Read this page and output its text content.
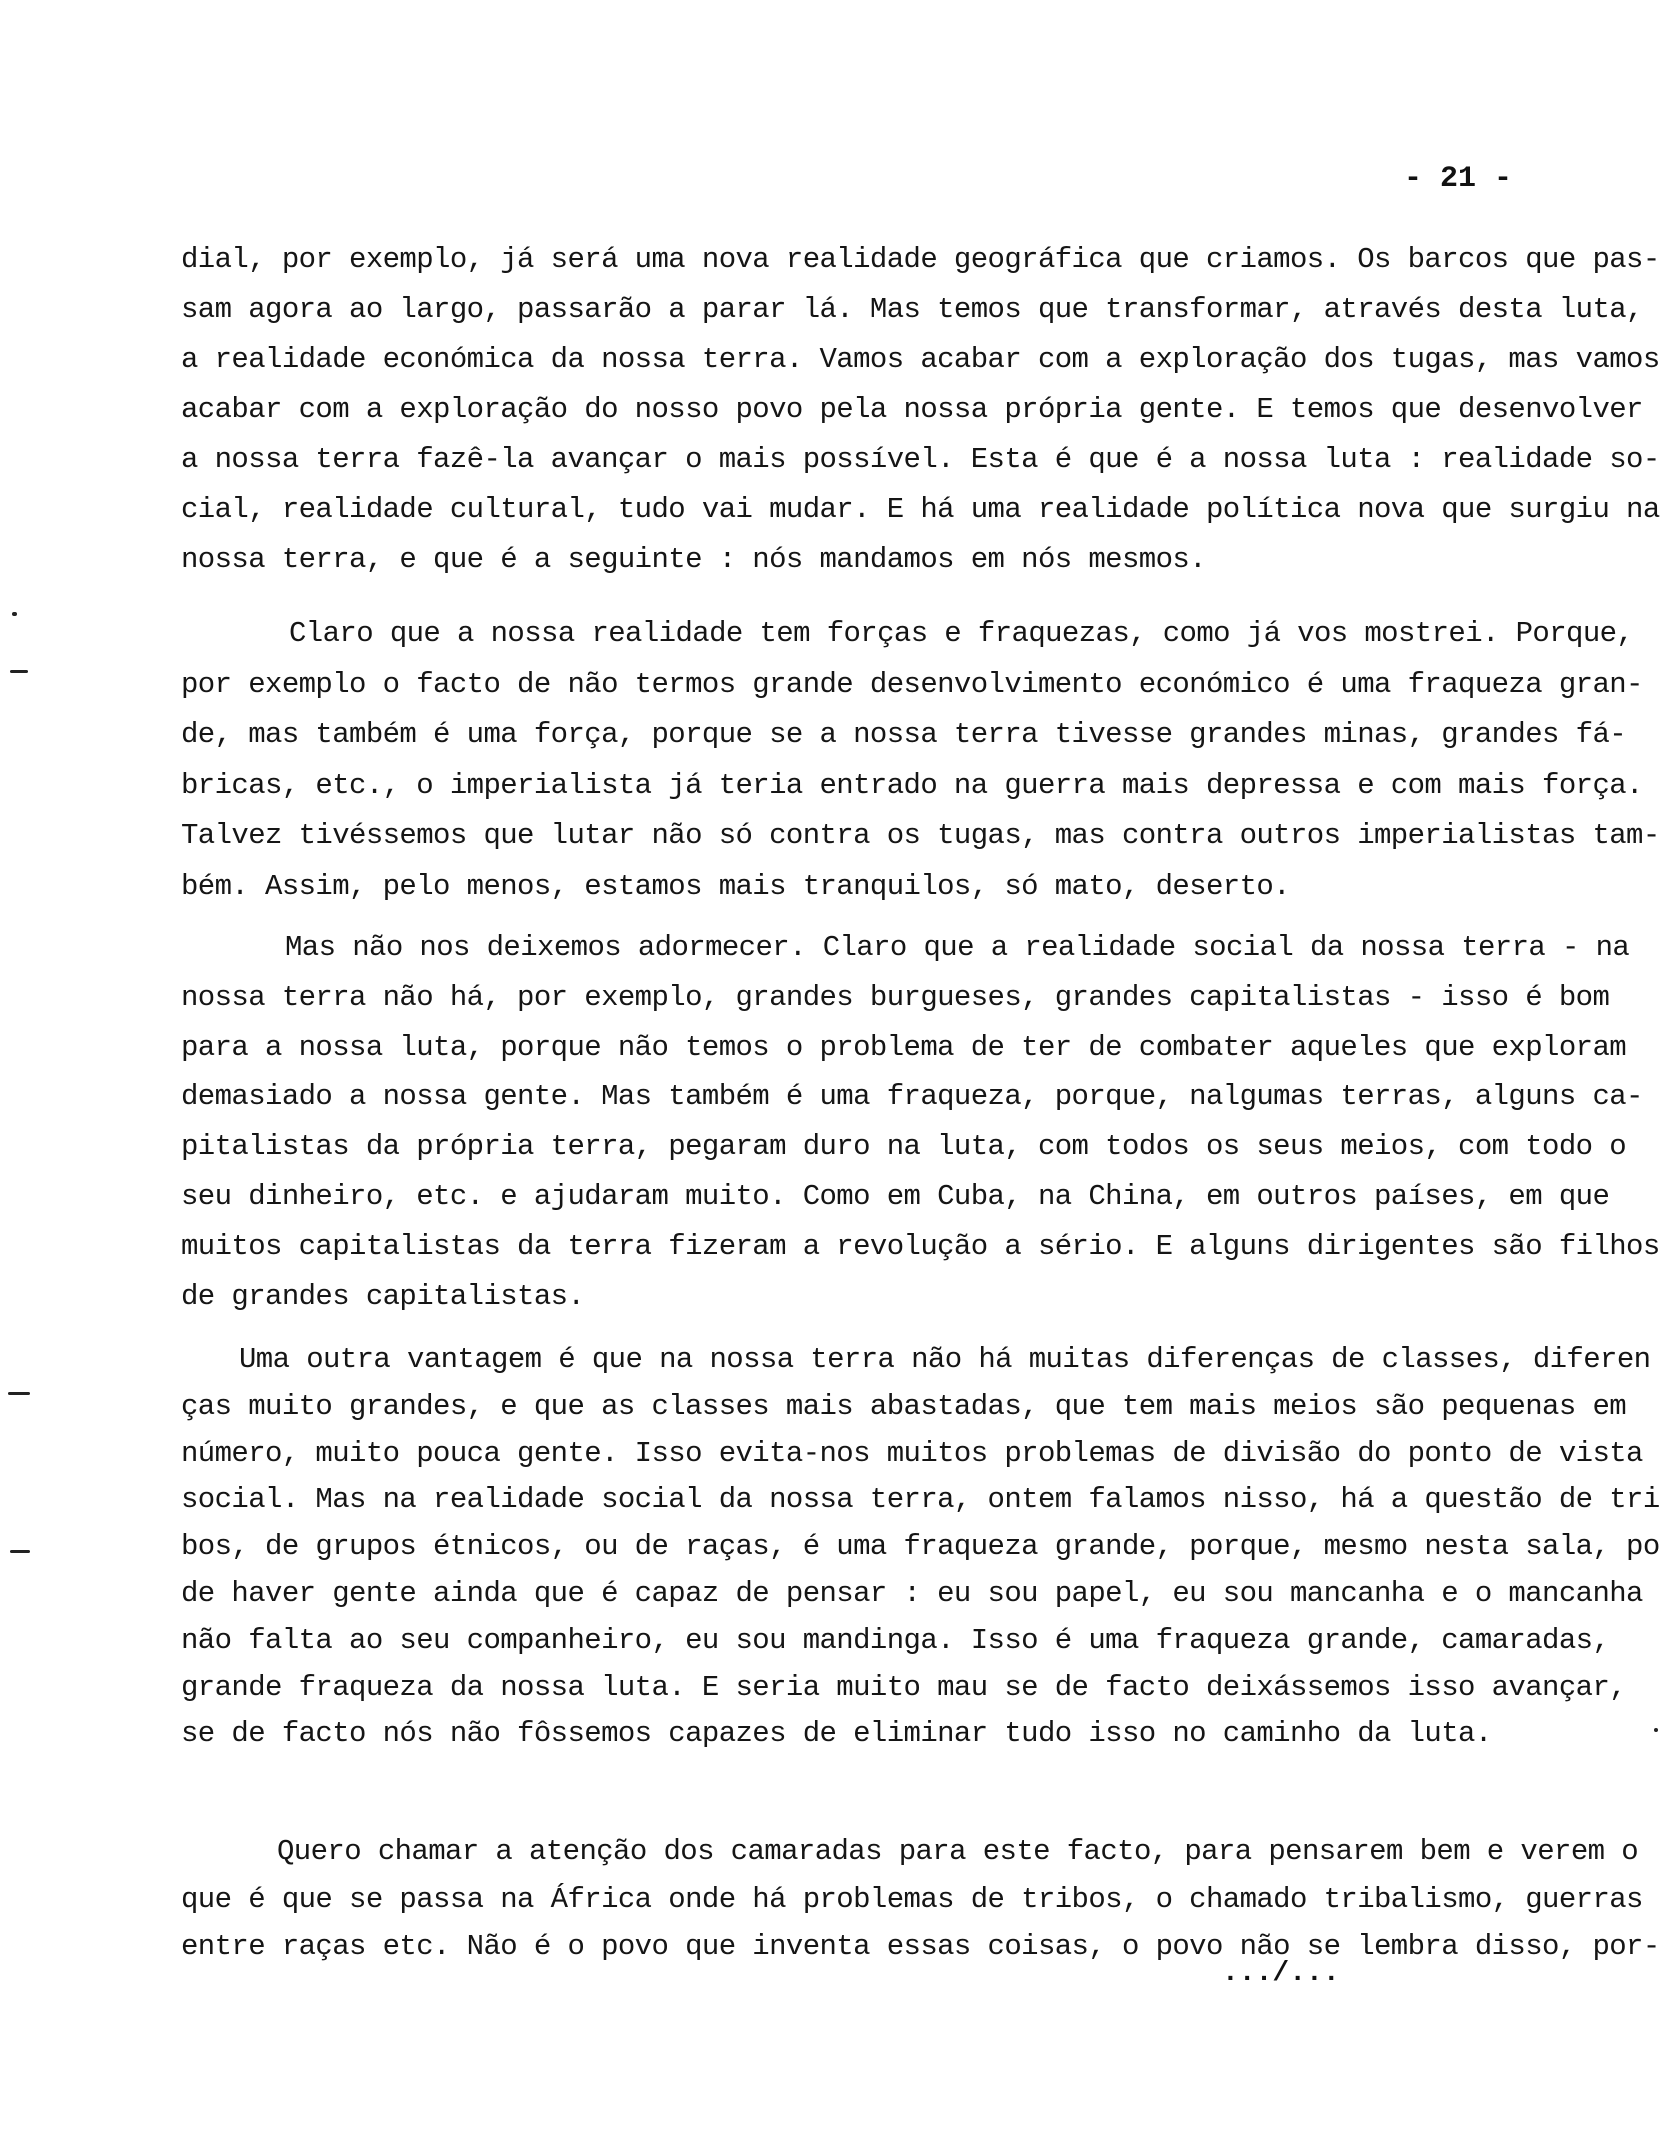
- 21 -
dial, por exemplo, já será uma nova realidade geográfica que criamos. Os barcos que pas-
sam agora ao largo, passarão a parar lá. Mas temos que transformar, através desta luta,
a realidade económica da nossa terra. Vamos acabar com a exploração dos tugas, mas vamos
acabar com a exploração do nosso povo pela nossa própria gente. E temos que desenvolver
a nossa terra fazê-la avançar o mais possível. Esta é que é a nossa luta : realidade so-
cial, realidade cultural, tudo vai mudar. E há uma realidade política nova que surgiu na
nossa terra, e que é a seguinte : nós mandamos em nós mesmos.
Claro que a nossa realidade tem forças e fraquezas, como já vos mostrei. Porque,
por exemplo o facto de não termos grande desenvolvimento económico é uma fraqueza gran-
de, mas também é uma força, porque se a nossa terra tivesse grandes minas, grandes fá-
bricas, etc., o imperialista já teria entrado na guerra mais depressa e com mais força.
Talvez tivéssemos que lutar não só contra os tugas, mas contra outros imperialistas tam-
bém. Assim, pelo menos, estamos mais tranquilos, só mato, deserto.
Mas não nos deixemos adormecer. Claro que a realidade social da nossa terra - na
nossa terra não há, por exemplo, grandes burgueses, grandes capitalistas - isso é bom
para a nossa luta, porque não temos o problema de ter de combater aqueles que exploram
demasiado a nossa gente. Mas também é uma fraqueza, porque, nalgumas terras, alguns ca-
pitalistas da própria terra, pegaram duro na luta, com todos os seus meios, com todo o
seu dinheiro, etc. e ajudaram muito. Como em Cuba, na China, em outros países, em que
muitos capitalistas da terra fizeram a revolução a sério. E alguns dirigentes são filhos
de grandes capitalistas.
Uma outra vantagem é que na nossa terra não há muitas diferenças de classes, diferen
ças muito grandes, e que as classes mais abastadas, que tem mais meios são pequenas em
número, muito pouca gente. Isso evita-nos muitos problemas de divisão do ponto de vista
social. Mas na realidade social da nossa terra, ontem falamos nisso, há a questão de tri
bos, de grupos étnicos, ou de raças, é uma fraqueza grande, porque, mesmo nesta sala, po
de haver gente ainda que é capaz de pensar : eu sou papel, eu sou mancanha e o mancanha
não falta ao seu companheiro, eu sou mandinga. Isso é uma fraqueza grande, camaradas,
grande fraqueza da nossa luta. E seria muito mau se de facto deixássemos isso avançar,
se de facto nós não fôssemos capazes de eliminar tudo isso no caminho da luta.
Quero chamar a atenção dos camaradas para este facto, para pensarem bem e verem o
que é que se passa na África onde há problemas de tribos, o chamado tribalismo, guerras
entre raças etc. Não é o povo que inventa essas coisas, o povo não se lembra disso, por-
.../...
